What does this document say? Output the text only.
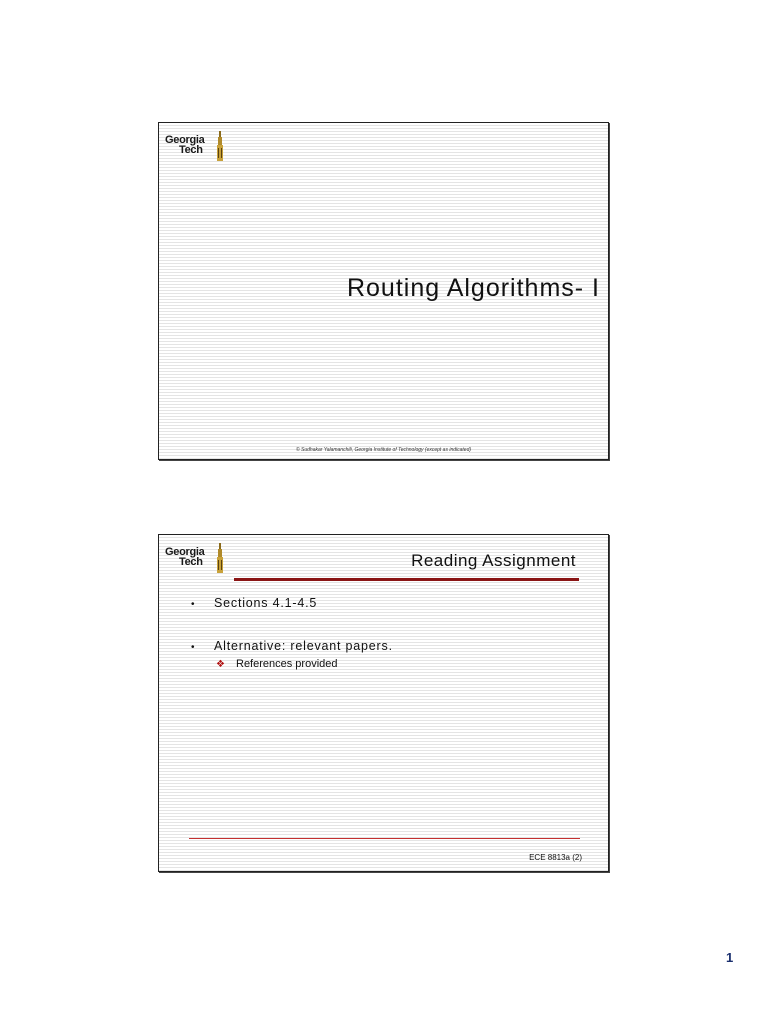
Georgia
Tech
Routing Algorithms- I
© Sudhakar Yalamanchili, Georgia Institute of Technology (except as indicated)
Georgia
Tech	Reading Assignment
• Sections 4.1-4.5
• Alternative: relevant papers.
❖ References provided
ECE 8813a (2)
1
